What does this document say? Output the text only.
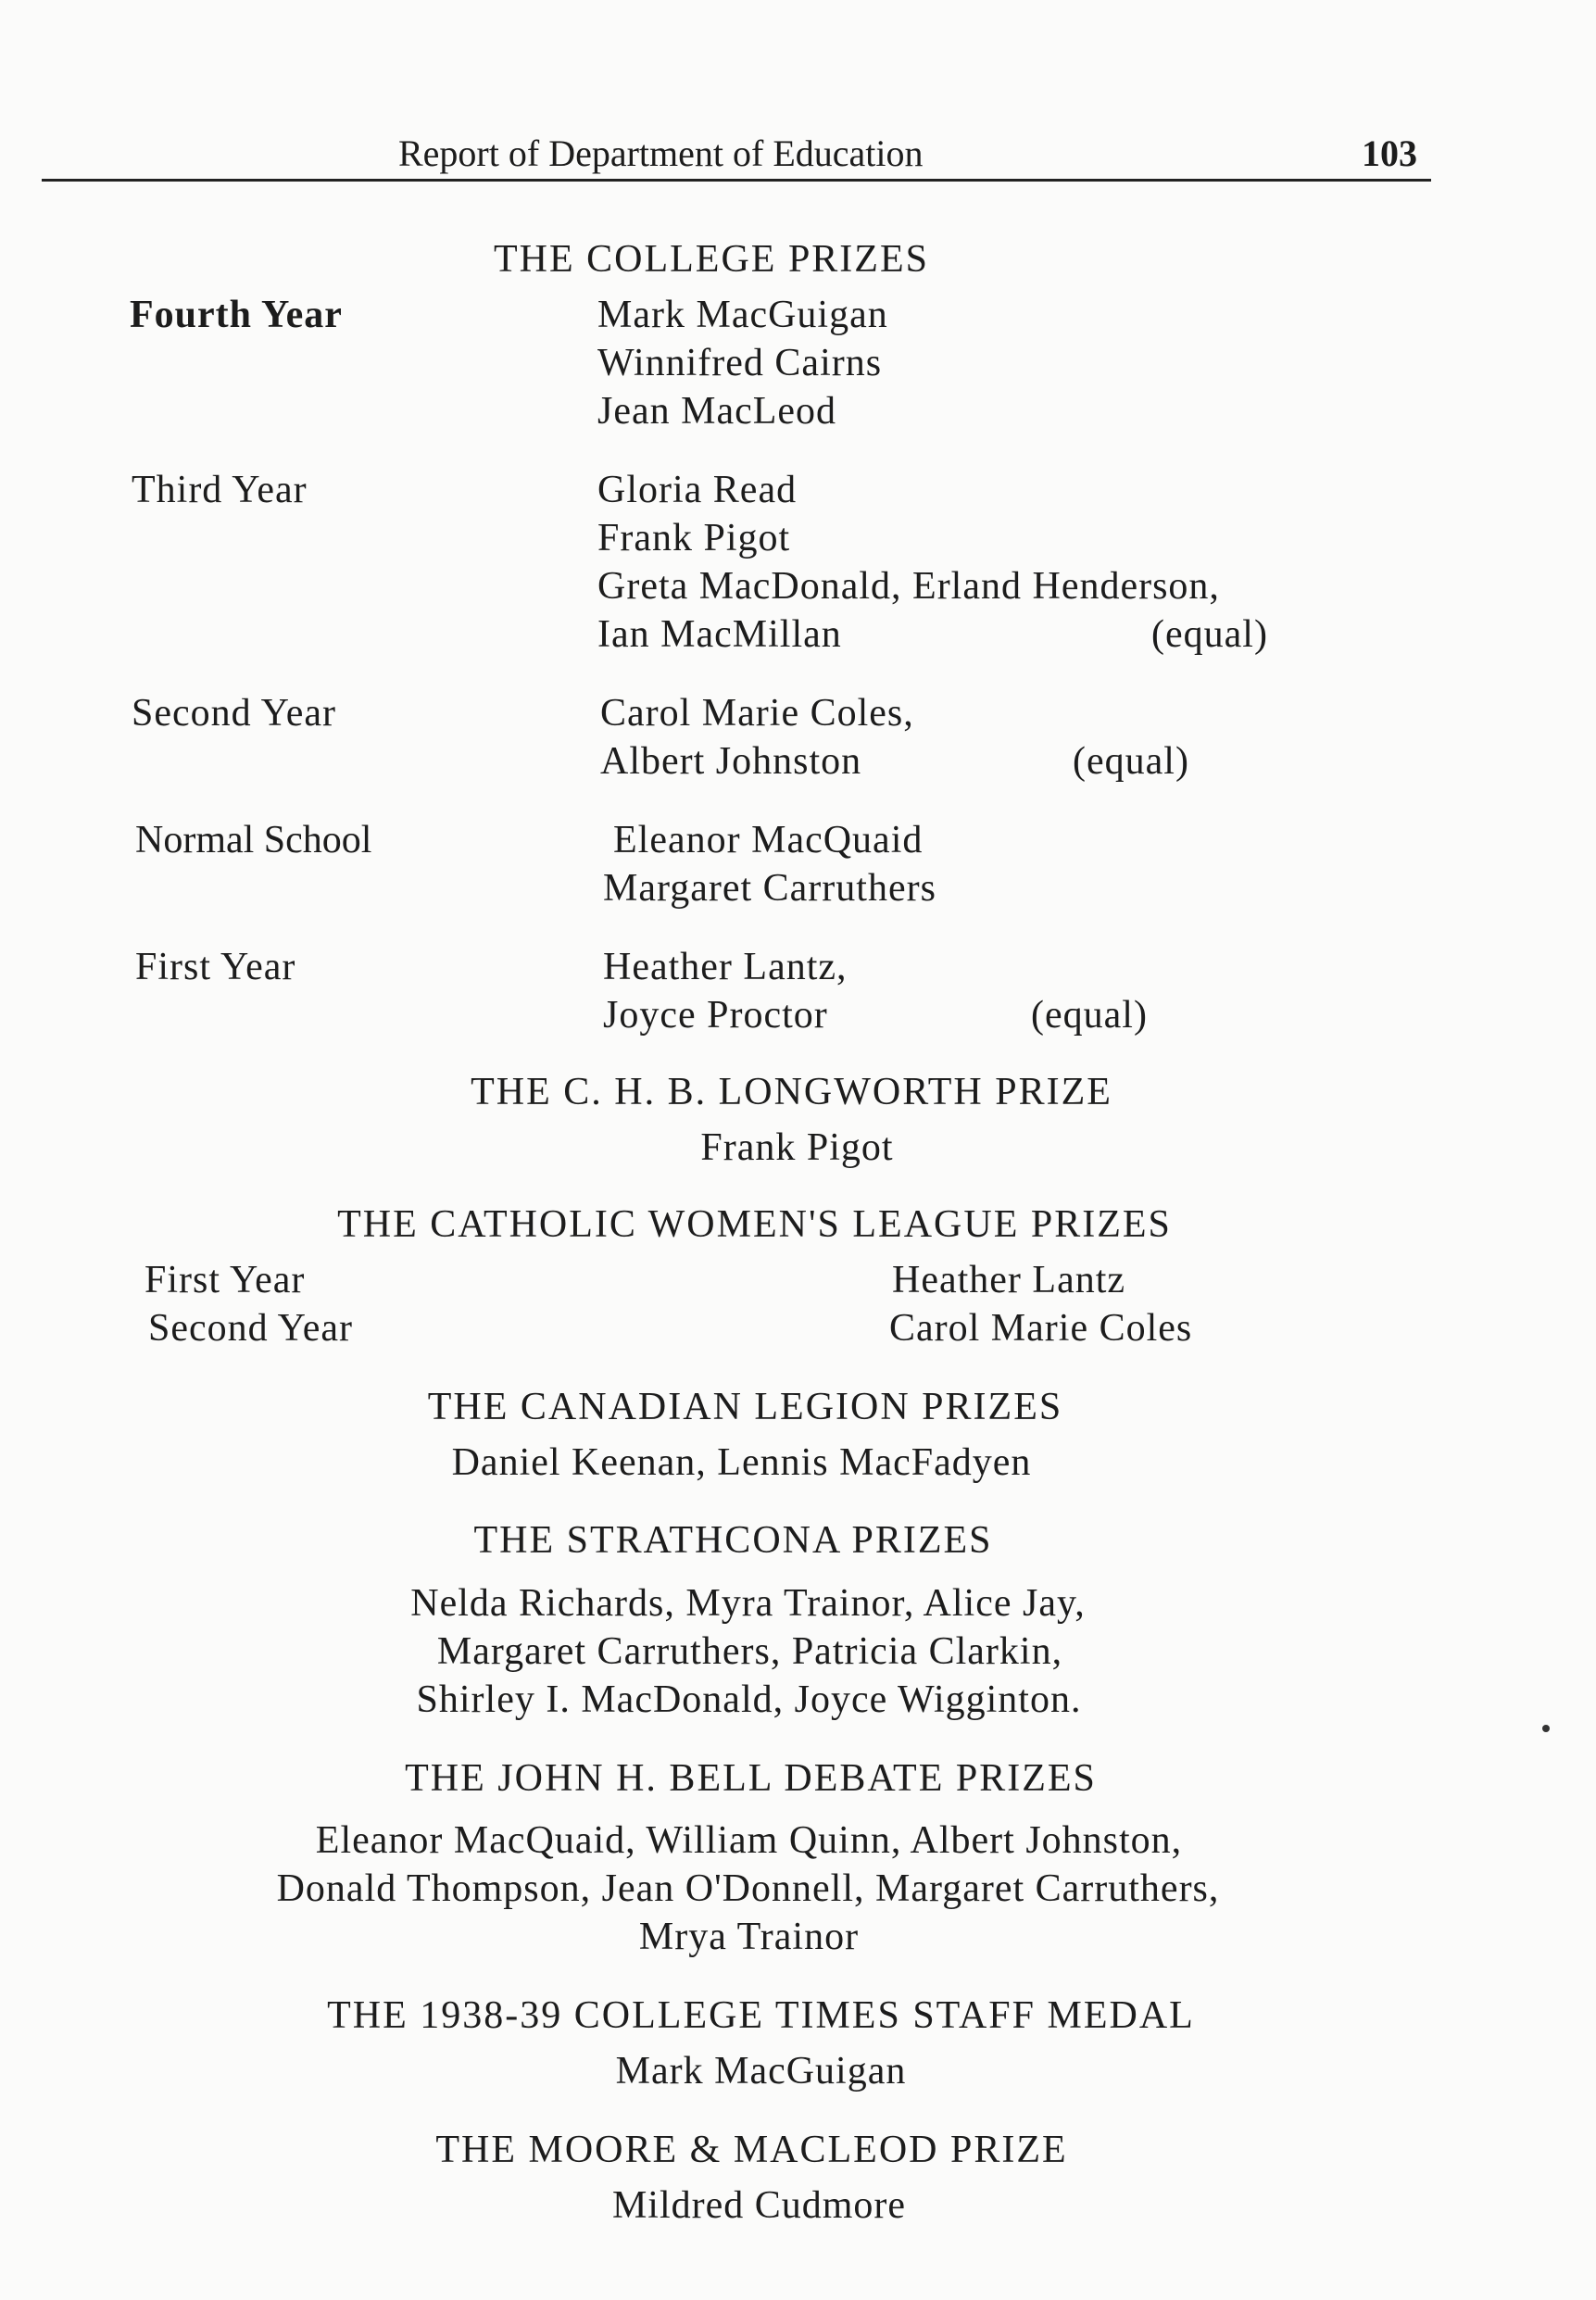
Report of Department of Education	103
THE COLLEGE PRIZES
Fourth Year	Mark MacGuigan
Winnifred Cairns
Jean MacLeod
Third Year	Gloria Read
Frank Pigot
Greta MacDonald, Erland Henderson,
Ian MacMillan	(equal)
Second Year	Carol Marie Coles,
Albert Johnston	(equal)
Normal School	Eleanor MacQuaid
Margaret Carruthers
First Year	Heather Lantz,
Joyce Proctor	(equal)
THE C. H. B. LONGWORTH PRIZE
Frank Pigot
THE CATHOLIC WOMEN'S LEAGUE PRIZES
First Year	Heather Lantz
Second Year	Carol Marie Coles
THE CANADIAN LEGION PRIZES
Daniel Keenan, Lennis MacFadyen
THE STRATHCONA PRIZES
Nelda Richards, Myra Trainor, Alice Jay,
Margaret Carruthers, Patricia Clarkin,
Shirley I. MacDonald, Joyce Wigginton.
THE JOHN H. BELL DEBATE PRIZES
Eleanor MacQuaid, William Quinn, Albert Johnston,
Donald Thompson, Jean O'Donnell, Margaret Carruthers,
Mrya Trainor
THE 1938-39 COLLEGE TIMES STAFF MEDAL
Mark MacGuigan
THE MOORE & MACLEOD PRIZE
Mildred Cudmore
